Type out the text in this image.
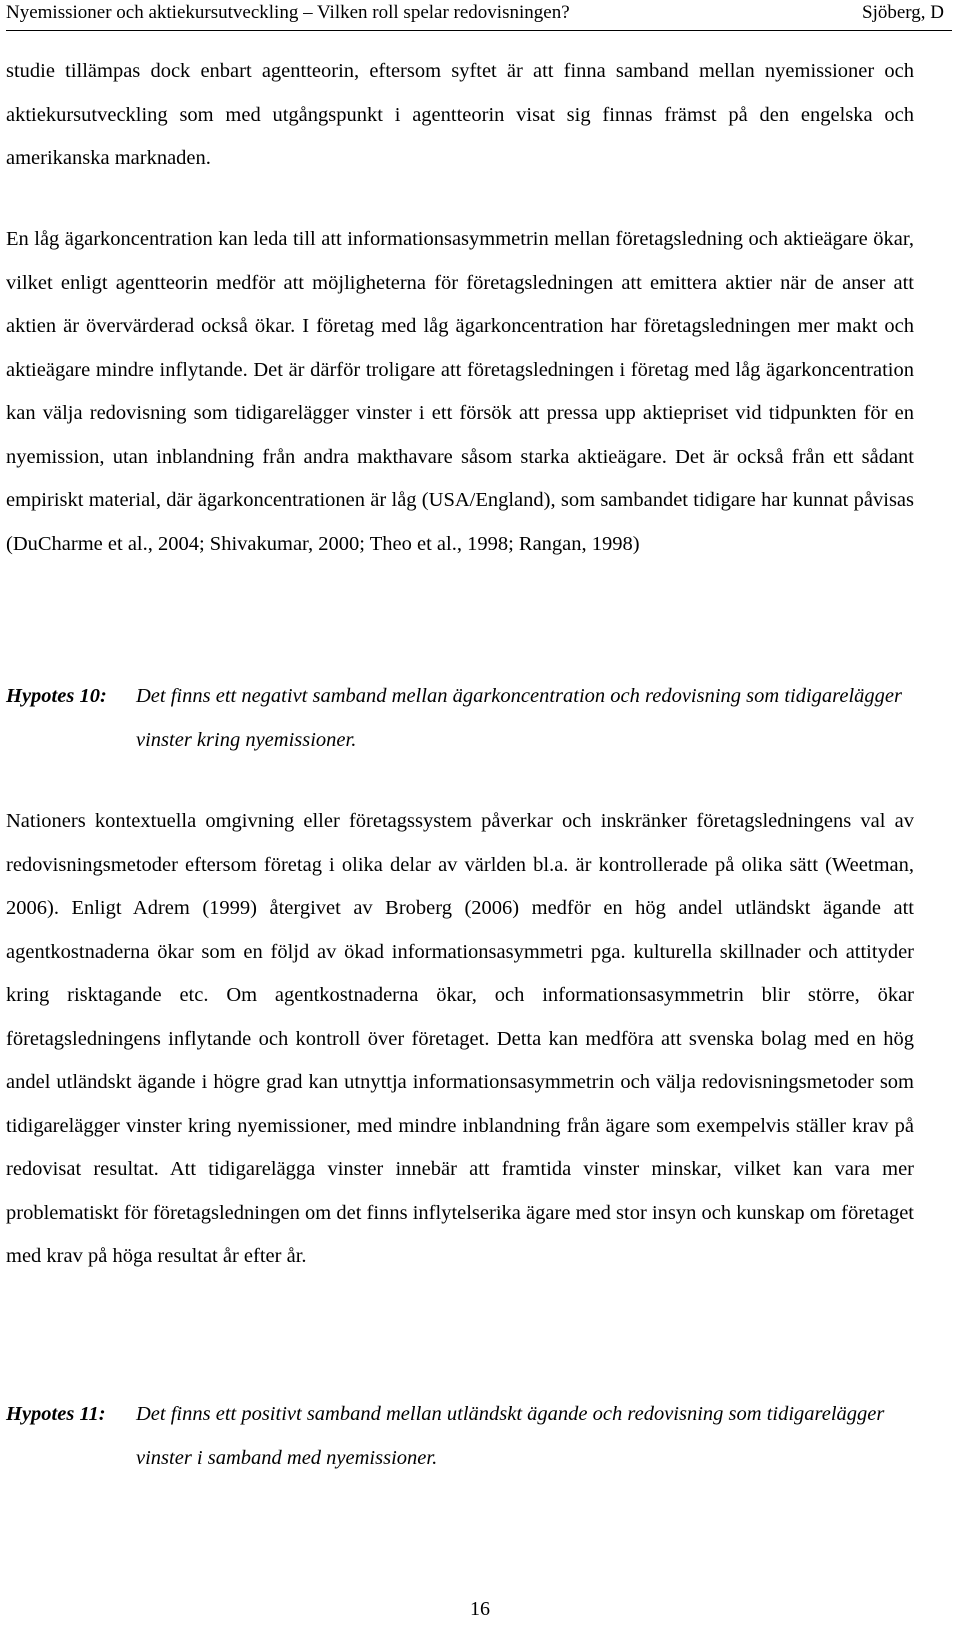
Nyemissioner och aktiekursutveckling – Vilken roll spelar redovisningen?	Sjöberg, D

studie tillämpas dock enbart agentteorin, eftersom syftet är att finna samband mellan nyemissioner och aktiekursutveckling som med utgångspunkt i agentteorin visat sig finnas främst på den engelska och amerikanska marknaden.

En låg ägarkoncentration kan leda till att informationsasymmetrin mellan företagsledning och aktieägare ökar, vilket enligt agentteorin medför att möjligheterna för företagsledningen att emittera aktier när de anser att aktien är övervärderad också ökar. I företag med låg ägarkoncentration har företagsledningen mer makt och aktieägare mindre inflytande. Det är därför troligare att företagsledningen i företag med låg ägarkoncentration kan välja redovisning som tidigarelägger vinster i ett försök att pressa upp aktiepriset vid tidpunkten för en nyemission, utan inblandning från andra makthavare såsom starka aktieägare. Det är också från ett sådant empiriskt material, där ägarkoncentrationen är låg (USA/England), som sambandet tidigare har kunnat påvisas (DuCharme et al., 2004; Shivakumar, 2000; Theo et al., 1998; Rangan, 1998)

Hypotes 10:	Det finns ett negativt samband mellan ägarkoncentration och redovisning som tidigarelägger vinster kring nyemissioner.

Nationers kontextuella omgivning eller företagssystem påverkar och inskränker företagsledningens val av redovisningsmetoder eftersom företag i olika delar av världen bl.a. är kontrollerade på olika sätt (Weetman, 2006). Enligt Adrem (1999) återgivet av Broberg (2006) medför en hög andel utländskt ägande att agentkostnaderna ökar som en följd av ökad informationsasymmetri pga. kulturella skillnader och attityder kring risktagande etc. Om agentkostnaderna ökar, och informationsasymmetrin blir större, ökar företagsledningens inflytande och kontroll över företaget. Detta kan medföra att svenska bolag med en hög andel utländskt ägande i högre grad kan utnyttja informationsasymmetrin och välja redovisningsmetoder som tidigarelägger vinster kring nyemissioner, med mindre inblandning från ägare som exempelvis ställer krav på redovisat resultat. Att tidigarelägga vinster innebär att framtida vinster minskar, vilket kan vara mer problematiskt för företagsledningen om det finns inflytelserika ägare med stor insyn och kunskap om företaget med krav på höga resultat år efter år.

Hypotes 11:	Det finns ett positivt samband mellan utländskt ägande och redovisning som tidigarelägger vinster i samband med nyemissioner.

16
